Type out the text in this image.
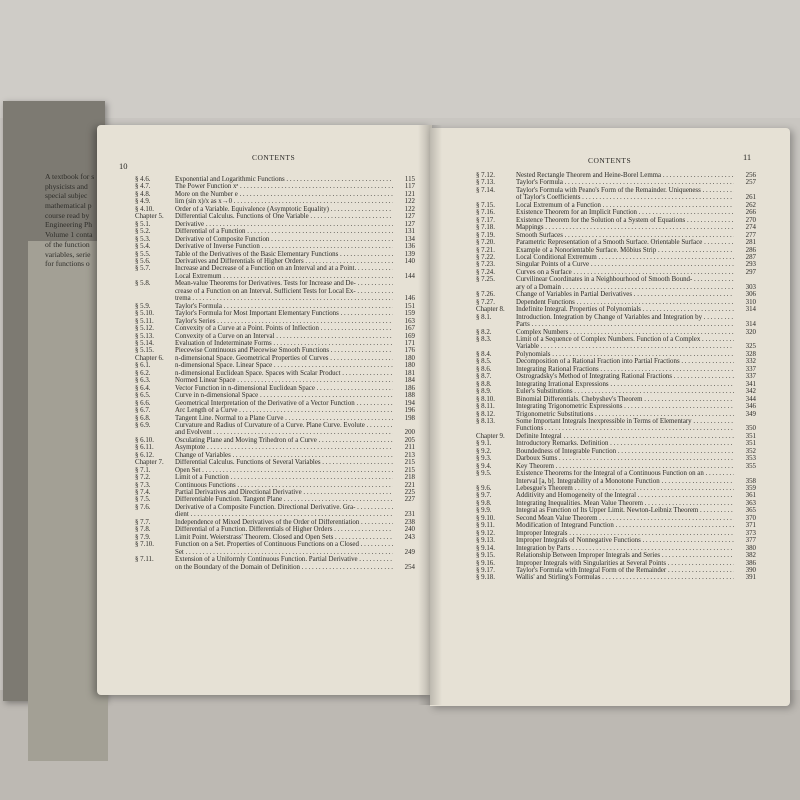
A textbook for s
physicists and
special subjec
mathematical p
course read by
Engineering Ph
Volume 1 conta
of the function
variables, serie
for functions o
10
CONTENTS
§ 4.6.	Exponential and Logarithmic Functions . . .	115
§ 4.7.	The Power Function xᵃ . . .	117
§ 4.8.	More on the Number e . . .	121
§ 4.9.	lim (sin x)/x as x→0 . . .	122
§ 4.10.	Order of a Variable. Equivalence (Asymptotic Equality) . . .	122
Chapter 5. Differential Calculus. Functions of One Variable . . .	127
§ 5.1.	Derivative . . .	127
§ 5.2.	Differential of a Function . . .	131
§ 5.3.	Derivative of Composite Function . . .	134
§ 5.4.	Derivative of Inverse Function . . .	136
§ 5.5.	Table of the Derivatives of the Basic Elementary Functions . . .	139
§ 5.6.	Derivatives and Differentials of Higher Orders . . .	140
§ 5.7.	Increase and Decrease of a Function on an Interval and at a Point. . . .
Local Extremum . . .	144
§ 5.8.	Mean-value Theorems for Derivatives. Tests for Increase and De- . . .
crease of a Function on an Interval. Sufficient Tests for Local Ex- . . .
trema . . .	146
§ 5.9.	Taylor's Formula . . .	151
§ 5.10.	Taylor's Formula for Most Important Elementary Functions . . .	159
§ 5.11.	Taylor's Series . . .	163
§ 5.12.	Convexity of a Curve at a Point. Points of Inflection . . .	167
§ 5.13.	Convexity of a Curve on an Interval . . .	169
§ 5.14.	Evaluation of Indeterminate Forms . . .	171
§ 5.15.	Piecewise Continuous and Piecewise Smooth Functions . . .	176
Chapter 6. n-dimensional Space. Geometrical Properties of Curves . . .	180
§ 6.1.	n-dimensional Space. Linear Space . . .	180
§ 6.2.	n-dimensional Euclidean Space. Spaces with Scalar Product . . .	181
§ 6.3.	Normed Linear Space . . .	184
§ 6.4.	Vector Function in n-dimensional Euclidean Space . . .	186
§ 6.5.	Curve in n-dimensional Space . . .	188
§ 6.6.	Geometrical Interpretation of the Derivative of a Vector Function . . .	194
§ 6.7.	Arc Length of a Curve . . .	196
§ 6.8.	Tangent Line. Normal to a Plane Curve . . .	198
§ 6.9.	Curvature and Radius of Curvature of a Curve. Plane Curve. Evolute . . .
and Evolvent . . .	200
§ 6.10.	Osculating Plane and Moving Trihedron of a Curve . . .	205
§ 6.11.	Asymptote . . .	211
§ 6.12.	Change of Variables . . .	213
Chapter 7. Differential Calculus. Functions of Several Variables . . .	215
§ 7.1.	Open Set . . .	215
§ 7.2.	Limit of a Function . . .	218
§ 7.3.	Continuous Functions . . .	221
§ 7.4.	Partial Derivatives and Directional Derivative . . .	225
§ 7.5.	Differentiable Function. Tangent Plane . . .	227
§ 7.6.	Derivative of a Composite Function. Directional Derivative. Gra- . . .
dient . . .	231
§ 7.7.	Independence of Mixed Derivatives of the Order of Differentiation . . .	238
§ 7.8.	Differential of a Function. Differentials of Higher Orders . . .	240
§ 7.9.	Limit Point. Weierstrass' Theorem. Closed and Open Sets . . .	243
§ 7.10.	Function on a Set. Properties of Continuous Functions on a Closed . . .
Set . . .	249
§ 7.11.	Extension of a Uniformly Continuous Function. Partial Derivative . . .
on the Boundary of the Domain of Definition . . .	254
CONTENTS	11
§ 7.12.	Nested Rectangle Theorem and Heine-Borel Lemma . . .	256
§ 7.13.	Taylor's Formula . . .	257
§ 7.14.	Taylor's Formula with Peano's Form of the Remainder. Uniqueness . . .
of Taylor's Coefficients . . .	261
§ 7.15.	Local Extremum of a Function . . .	262
§ 7.16.	Existence Theorem for an Implicit Function . . .	266
§ 7.17.	Existence Theorem for the Solution of a System of Equations . . .	270
§ 7.18.	Mappings . . .	274
§ 7.19.	Smooth Surfaces . . .	277
§ 7.20.	Parametric Representation of a Smooth Surface. Orientable Surface . . .	281
§ 7.21.	Example of a Nonorientable Surface. Möbius Strip . . .	286
§ 7.22.	Local Conditional Extremum . . .	287
§ 7.23.	Singular Points of a Curve . . .	293
§ 7.24.	Curves on a Surface . . .	297
§ 7.25.	Curvilinear Coordinates in a Neighbourhood of Smooth Bound- . . .
ary of a Domain . . .	303
§ 7.26.	Change of Variables in Partial Derivatives . . .	306
§ 7.27.	Dependent Functions . . .	310
Chapter 8. Indefinite Integral. Properties of Polynomials . . .	314
§ 8.1.	Introduction. Integration by Change of Variables and Integration by . . .
Parts . . .	314
§ 8.2.	Complex Numbers . . .	320
§ 8.3.	Limit of a Sequence of Complex Numbers. Function of a Complex . . .
Variable . . .	325
§ 8.4.	Polynomials . . .	328
§ 8.5.	Decomposition of a Rational Fraction into Partial Fractions . . .	332
§ 8.6.	Integrating Rational Fractions . . .	337
§ 8.7.	Ostrogradsky's Method of Integrating Rational Fractions . . .	337
§ 8.8.	Integrating Irrational Expressions . . .	341
§ 8.9.	Euler's Substitutions . . .	342
§ 8.10.	Binomial Differentials. Chebyshev's Theorem . . .	344
§ 8.11.	Integrating Trigonometric Expressions . . .	346
§ 8.12.	Trigonometric Substitutions . . .	349
§ 8.13.	Some Important Integrals Inexpressible in Terms of Elementary . . .
Functions . . .	350
Chapter 9. Definite Integral . . .	351
§ 9.1.	Introductory Remarks. Definition . . .	351
§ 9.2.	Boundedness of Integrable Function . . .	352
§ 9.3.	Darboux Sums . . .	353
§ 9.4.	Key Theorem . . .	355
§ 9.5.	Existence Theorems for the Integral of a Continuous Function on an . . .
Interval [a, b]. Integrability of a Monotone Function . . .	358
§ 9.6.	Lebesgue's Theorem . . .	359
§ 9.7.	Additivity and Homogeneity of the Integral . . .	361
§ 9.8.	Integrating Inequalities. Mean Value Theorem . . .	363
§ 9.9.	Integral as Function of Its Upper Limit. Newton-Leibniz Theorem . . .	365
§ 9.10.	Second Mean Value Theorem . . .	370
§ 9.11.	Modification of Integrand Function . . .	371
§ 9.12.	Improper Integrals . . .	373
§ 9.13.	Improper Integrals of Nonnegative Functions . . .	377
§ 9.14.	Integration by Parts . . .	380
§ 9.15.	Relationship Between Improper Integrals and Series . . .	382
§ 9.16.	Improper Integrals with Singularities at Several Points . . .	386
§ 9.17.	Taylor's Formula with Integral Form of the Remainder . . .	390
§ 9.18.	Wallis' and Stirling's Formulas . . .	391
